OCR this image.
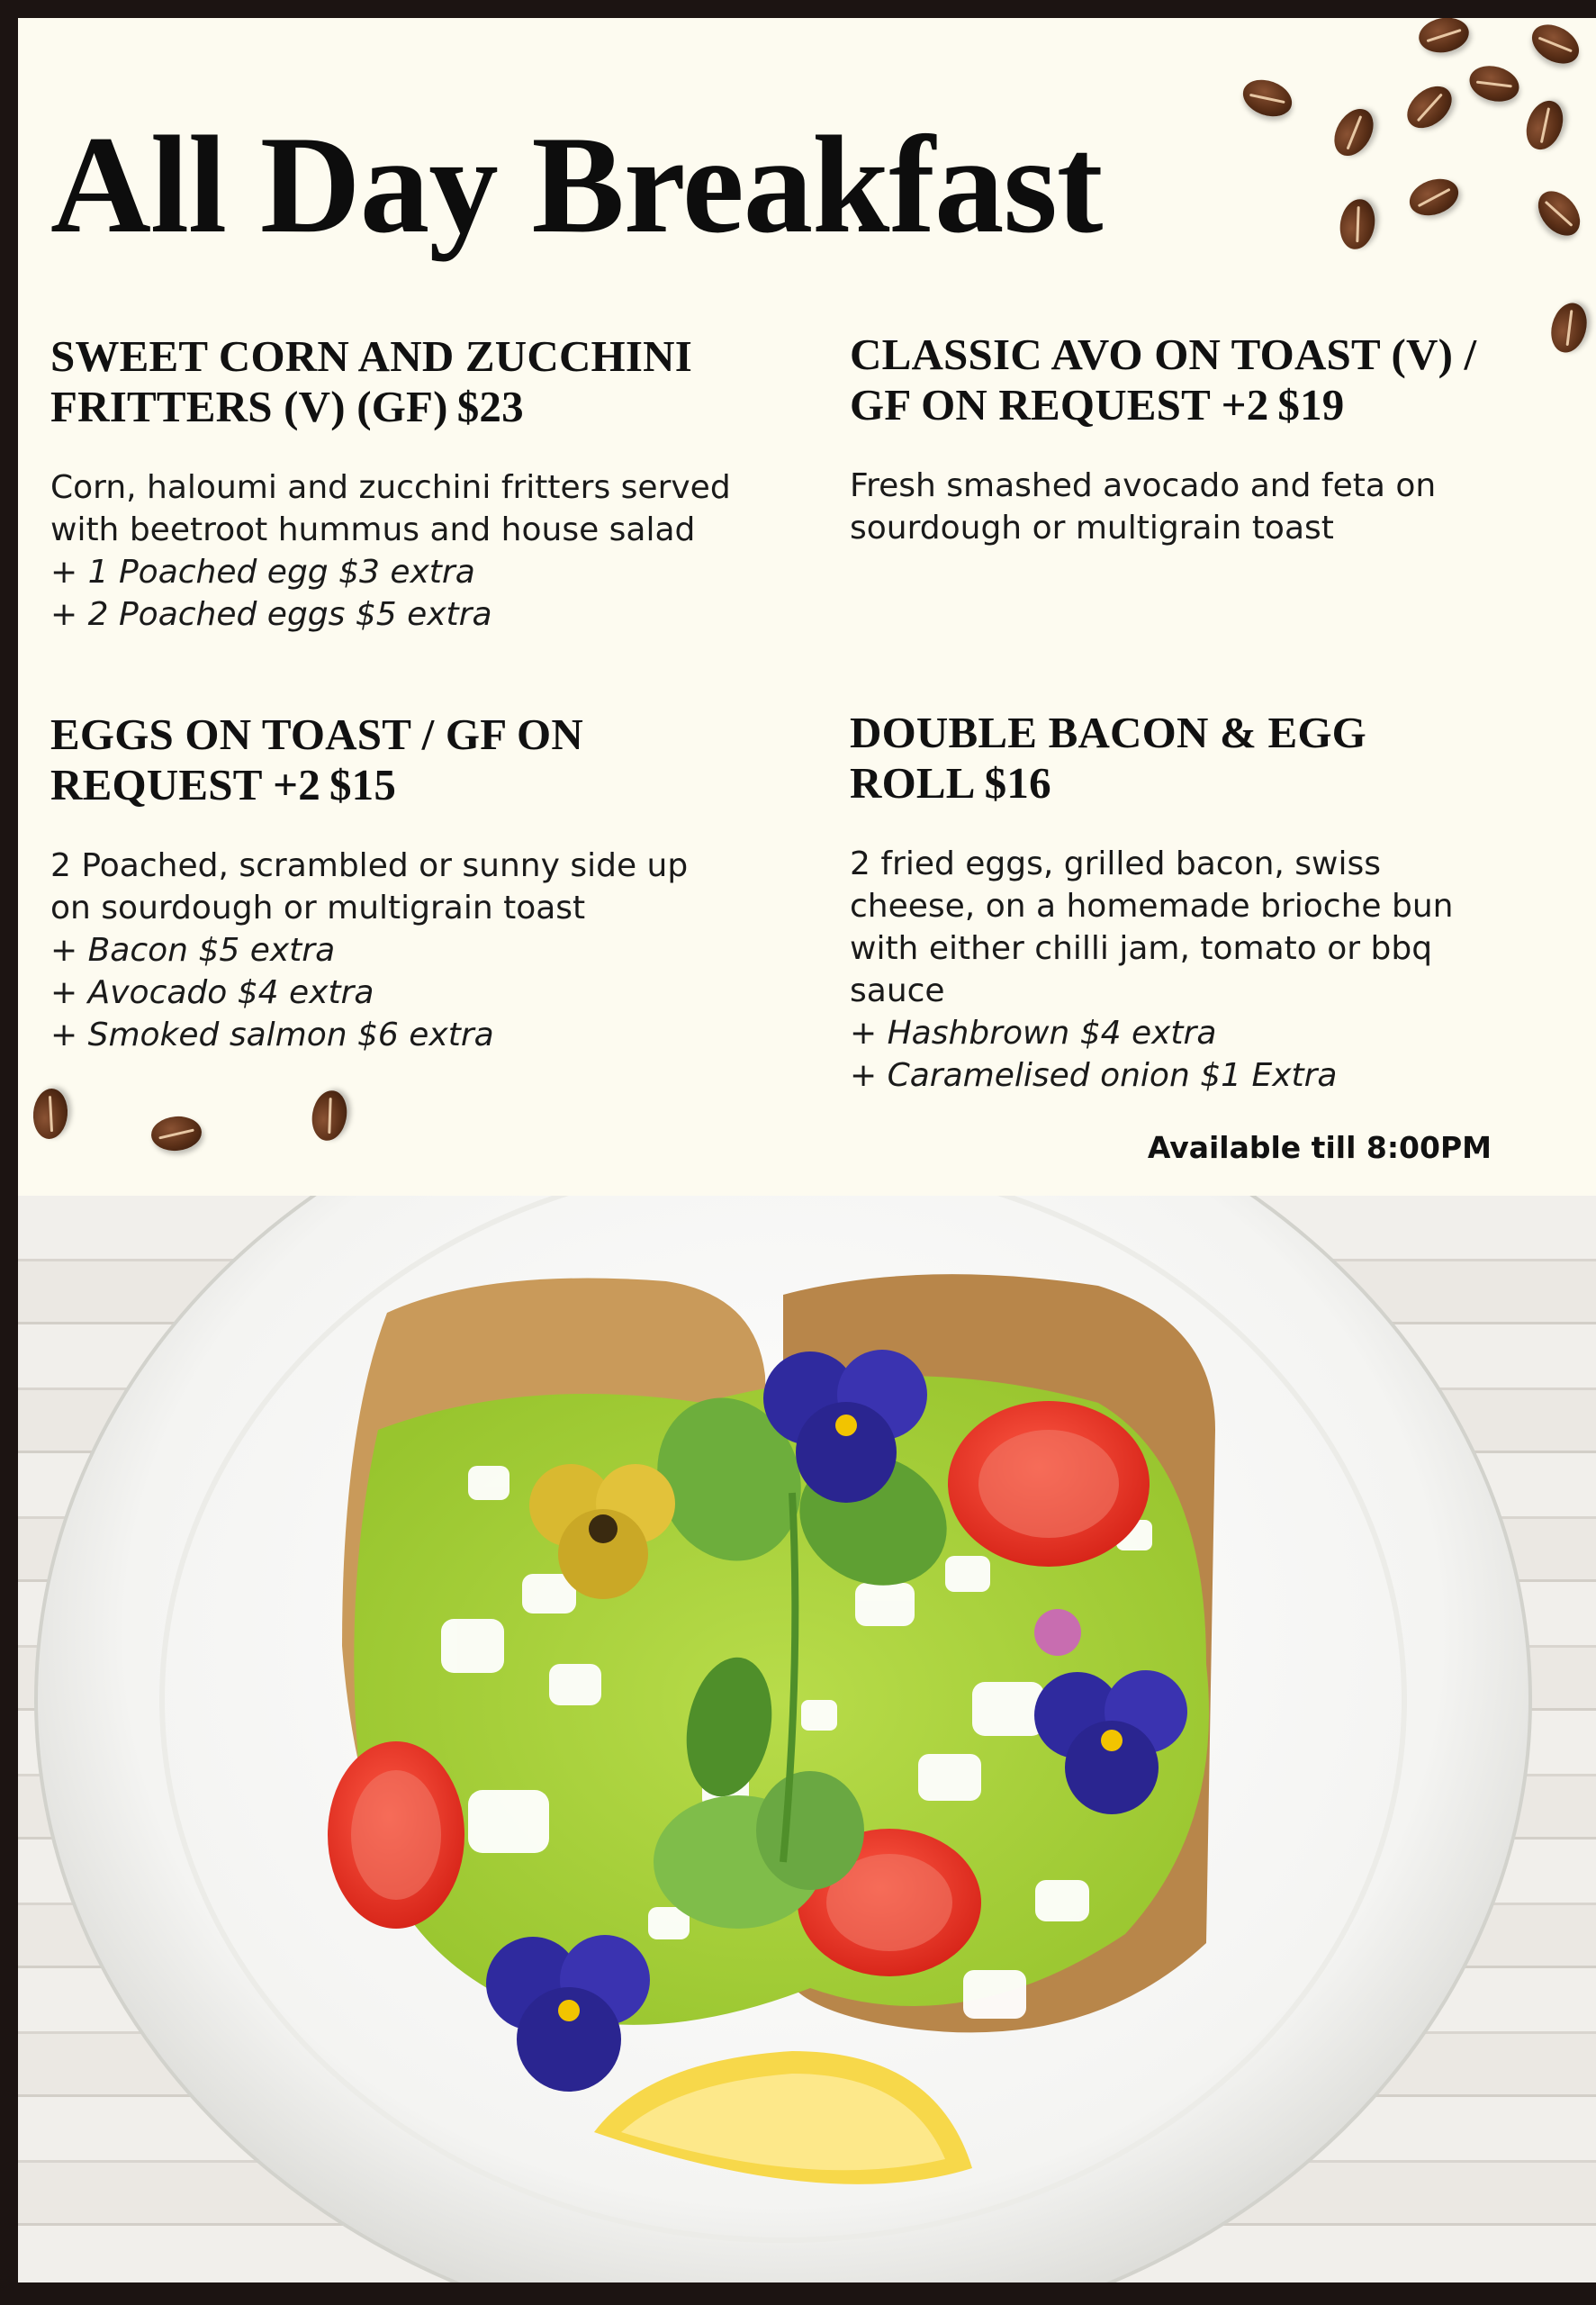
All Day Breakfast
SWEET CORN AND ZUCCHINI FRITTERS (V) (GF) $23

Corn, haloumi and zucchini fritters served with beetroot hummus and house salad

+ 1 Poached egg $3 extra
+ 2 Poached eggs $5 extra
CLASSIC AVO ON TOAST (V) / GF ON REQUEST +2 $19

Fresh smashed avocado and feta on sourdough or multigrain toast

EGGS ON TOAST / GF ON REQUEST +2 $15

2 Poached, scrambled or sunny side up on sourdough or multigrain toast

+ Bacon $5 extra
+ Avocado $4 extra
+ Smoked salmon $6 extra
DOUBLE BACON & EGG ROLL $16

2 fried eggs, grilled bacon, swiss cheese, on a homemade brioche bun with either chilli jam, tomato or bbq sauce

+ Hashbrown $4 extra
+ Caramelised onion $1 Extra
Available till 8:00PM
